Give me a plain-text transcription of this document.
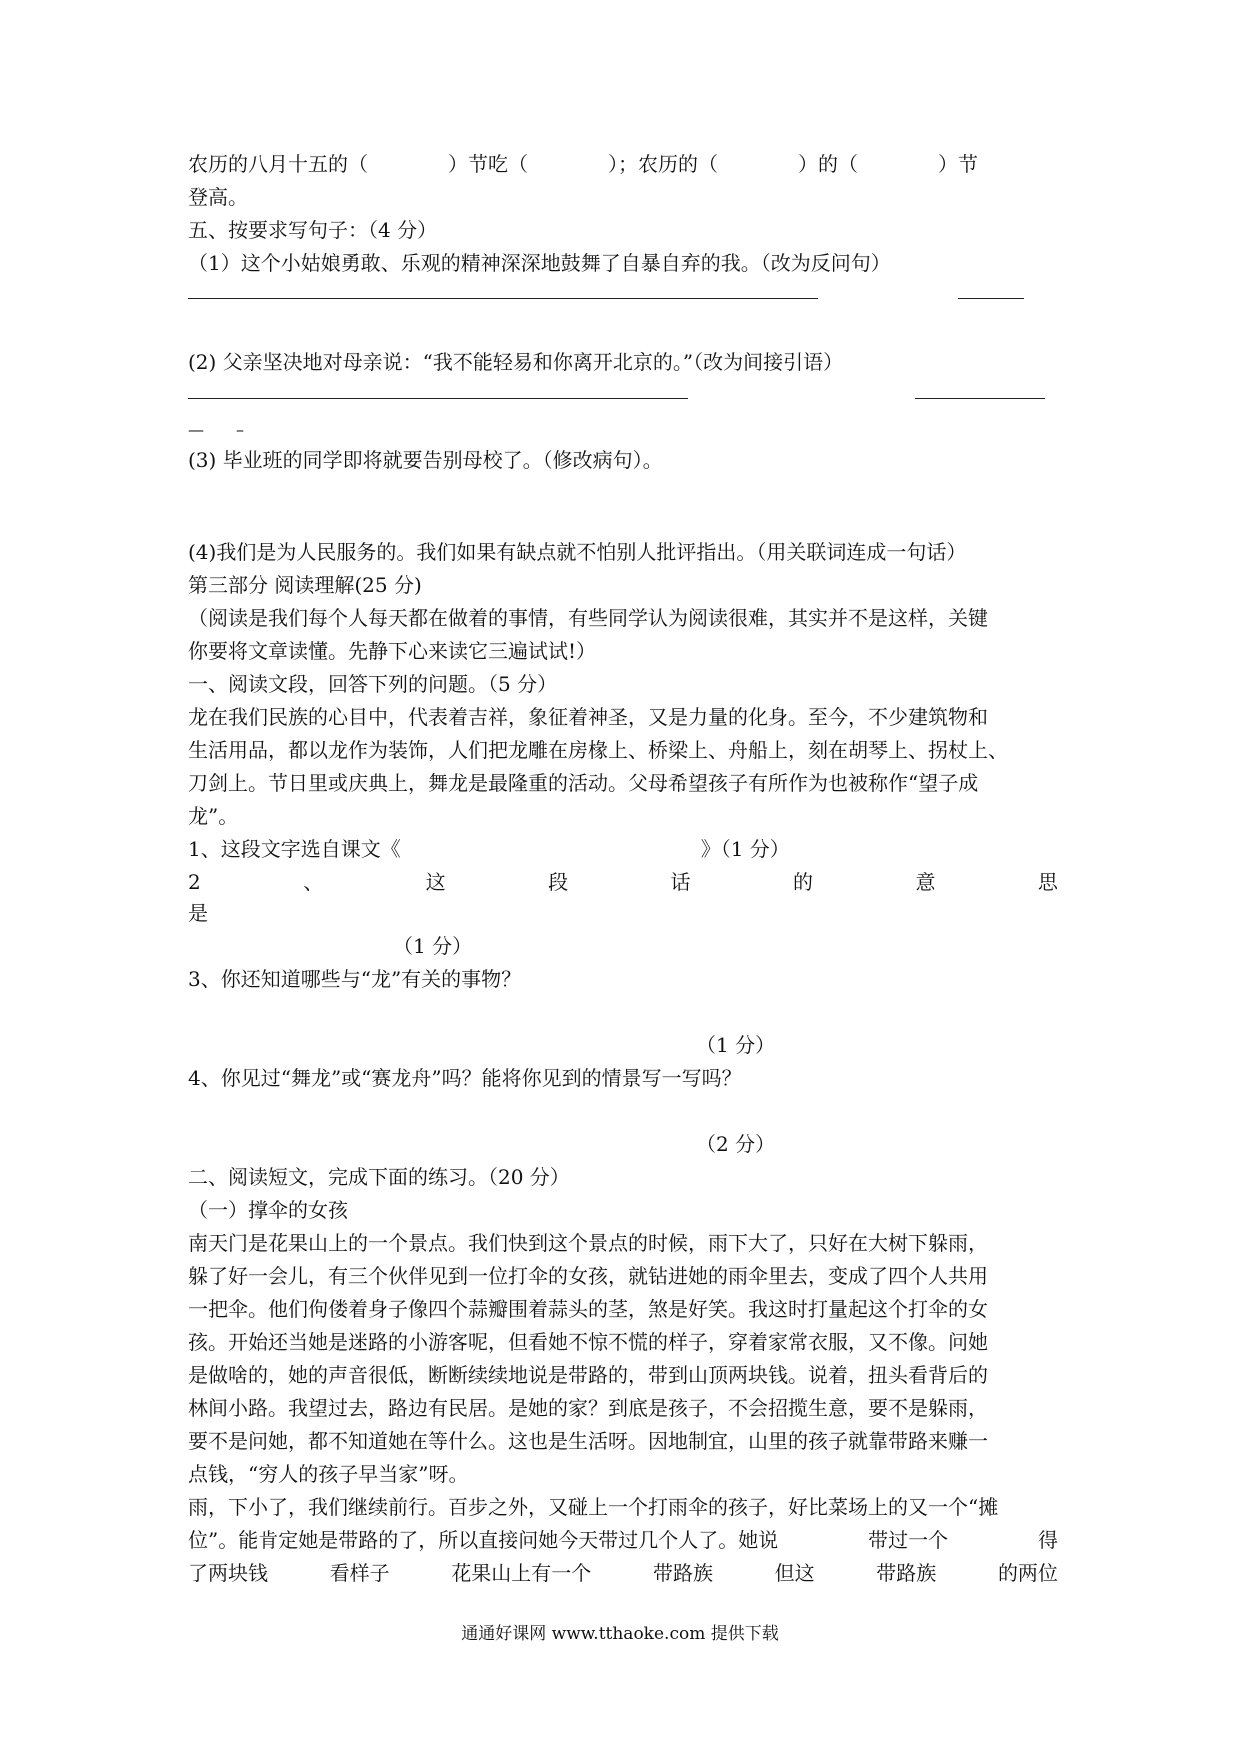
农历的八月十五的（　　　　）节吃（　　　　）；农历的（　　　　）的（　　　　）节
登高。
五、按要求写句子：（4 分）
（1）这个小姑娘勇敢、乐观的精神深深地鼓舞了自暴自弃的我。（改为反问句）
(2) 父亲坚决地对母亲说：“我不能轻易和你离开北京的。”（改为间接引语）
—　　–
(3) 毕业班的同学即将就要告别母校了。（修改病句）。
(4)我们是为人民服务的。我们如果有缺点就不怕别人批评指出。（用关联词连成一句话）
第三部分 阅读理解(25 分)
（阅读是我们每个人每天都在做着的事情，有些同学认为阅读很难，其实并不是这样，关键
你要将文章读懂。先静下心来读它三遍试试!）
一、阅读文段，回答下列的问题。（5 分）
龙在我们民族的心目中，代表着吉祥，象征着神圣，又是力量的化身。至今，不少建筑物和
生活用品，都以龙作为装饰，人们把龙雕在房椽上、桥梁上、舟船上，刻在胡琴上、拐杖上、
刀剑上。节日里或庆典上，舞龙是最隆重的活动。父母希望孩子有所作为也被称作“望子成
龙”。
1、这段文字选自课文《　　　　　　　　　　　　　　　》（1 分）
2	、	这	段	话	的	意	思
是
（1 分）
3、你还知道哪些与“龙”有关的事物？
（1 分）
4、你见过“舞龙”或“赛龙舟”吗？能将你见到的情景写一写吗？
（2 分）
二、阅读短文，完成下面的练习。（20 分）
（一）撑伞的女孩
南天门是花果山上的一个景点。我们快到这个景点的时候，雨下大了，只好在大树下躲雨，
躲了好一会儿，有三个伙伴见到一位打伞的女孩，就钻进她的雨伞里去，变成了四个人共用
一把伞。他们佝偻着身子像四个蒜瓣围着蒜头的茎，煞是好笑。我这时打量起这个打伞的女
孩。开始还当她是迷路的小游客呢，但看她不惊不慌的样子，穿着家常衣服，又不像。问她
是做啥的，她的声音很低，断断续续地说是带路的，带到山顶两块钱。说着，扭头看背后的
林间小路。我望过去，路边有民居。是她的家？到底是孩子，不会招揽生意，要不是躲雨，
要不是问她，都不知道她在等什么。这也是生活呀。因地制宜，山里的孩子就靠带路来赚一
点钱，“穷人的孩子早当家”呀。
雨，下小了，我们继续前行。百步之外，又碰上一个打雨伞的孩子，好比菜场上的又一个“摊
位”。能肯定她是带路的了，所以直接问她今天带过几个人了。她说	带过一个	得
了两块钱	看样子	花果山上有一个	带路族	但这	带路族	的两位
通通好课网 www.tthaoke.com 提供下载
